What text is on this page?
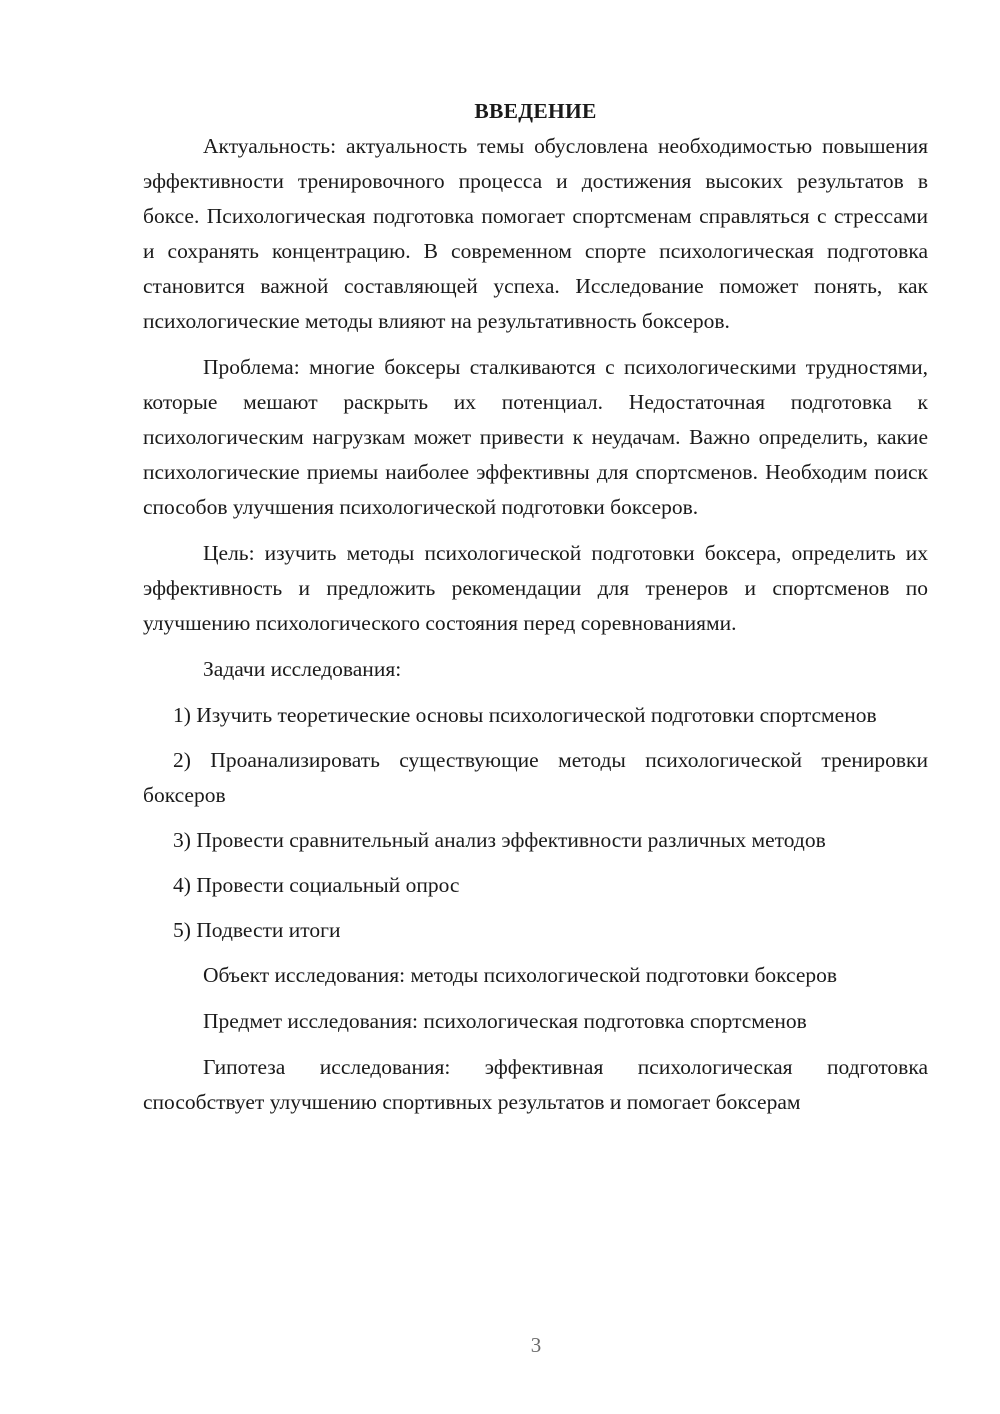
ВВЕДЕНИЕ

Актуальность: актуальность темы обусловлена необходимостью повышения эффективности тренировочного процесса и достижения высоких результатов в боксе. Психологическая подготовка помогает спортсменам справляться с стрессами и сохранять концентрацию. В современном спорте психологическая подготовка становится важной составляющей успеха. Исследование поможет понять, как психологические методы влияют на результативность боксеров.

Проблема: многие боксеры сталкиваются с психологическими трудностями, которые мешают раскрыть их потенциал. Недостаточная подготовка к психологическим нагрузкам может привести к неудачам. Важно определить, какие психологические приемы наиболее эффективны для спортсменов. Необходим поиск способов улучшения психологической подготовки боксеров.

Цель: изучить методы психологической подготовки боксера, определить их эффективность и предложить рекомендации для тренеров и спортсменов по улучшению психологического состояния перед соревнованиями.

Задачи исследования:

1) Изучить теоретические основы психологической подготовки спортсменов

2) Проанализировать существующие методы психологической тренировки боксеров

3) Провести сравнительный анализ эффективности различных методов

4) Провести социальный опрос

5) Подвести итоги

Объект исследования: методы психологической подготовки боксеров

Предмет исследования: психологическая подготовка спортсменов

Гипотеза исследования: эффективная психологическая подготовка способствует улучшению спортивных результатов и помогает боксерам

3
